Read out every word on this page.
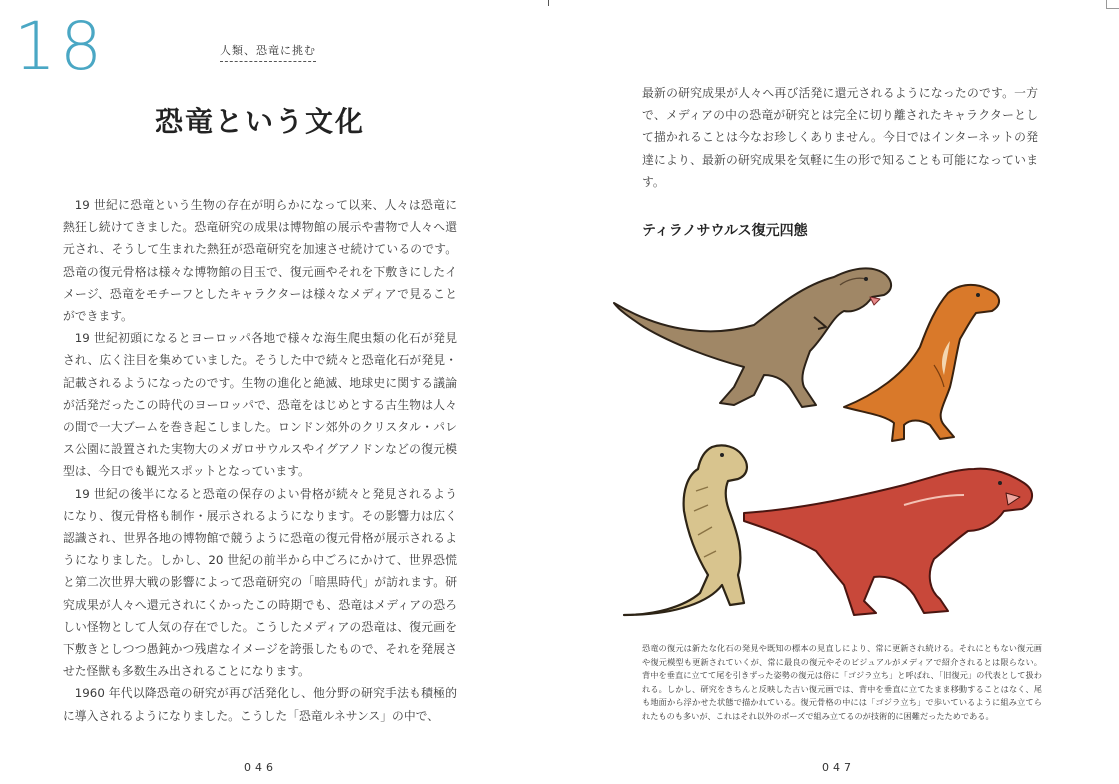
18	人類、恐竜に挑む
恐竜という文化

19 世紀に恐竜という生物の存在が明らかになって以来、人々は恐竜に熱狂し続けてきました。恐竜研究の成果は博物館の展示や書物で人々へ還元され、そうして生まれた熱狂が恐竜研究を加速させ続けているのです。恐竜の復元骨格は様々な博物館の目玉で、復元画やそれを下敷きにしたイメージ、恐竜をモチーフとしたキャラクターは様々なメディアで見ることができます。

19 世紀初頭になるとヨーロッパ各地で様々な海生爬虫類の化石が発見され、広く注目を集めていました。そうした中で続々と恐竜化石が発見・記載されるようになったのです。生物の進化と絶滅、地球史に関する議論が活発だったこの時代のヨーロッパで、恐竜をはじめとする古生物は人々の間で一大ブームを巻き起こしました。ロンドン郊外のクリスタル・パレス公園に設置された実物大のメガロサウルスやイグアノドンなどの復元模型は、今日でも観光スポットとなっています。

19 世紀の後半になると恐竜の保存のよい骨格が続々と発見されるようになり、復元骨格も制作・展示されるようになります。その影響力は広く認識され、世界各地の博物館で競うように恐竜の復元骨格が展示されるようになりました。しかし、20 世紀の前半から中ごろにかけて、世界恐慌と第二次世界大戦の影響によって恐竜研究の「暗黒時代」が訪れます。研究成果が人々へ還元されにくかったこの時期でも、恐竜はメディアの恐ろしい怪物として人気の存在でした。こうしたメディアの恐竜は、復元画を下敷きとしつつ愚鈍かつ残虐なイメージを誇張したもので、それを発展させた怪獣も多数生み出されることになります。

1960 年代以降恐竜の研究が再び活発化し、他分野の研究手法も積極的に導入されるようになりました。こうした「恐竜ルネサンス」の中で、

046

最新の研究成果が人々へ再び活発に還元されるようになったのです。一方で、メディアの中の恐竜が研究とは完全に切り離されたキャラクターとして描かれることは今なお珍しくありません。今日ではインターネットの発達により、最新の研究成果を気軽に生の形で知ることも可能になっています。

ティラノサウルス復元四態

恐竜の復元は新たな化石の発見や既知の標本の見直しにより、常に更新され続ける。それにともない復元画や復元模型も更新されていくが、常に最良の復元やそのビジュアルがメディアで紹介されるとは限らない。背中を垂直に立てて尾を引きずった姿勢の復元は俗に「ゴジラ立ち」と呼ばれ、「旧復元」の代表として扱われる。しかし、研究をきちんと反映した古い復元画では、背中を垂直に立てたまま移動することはなく、尾も地面から浮かせた状態で描かれている。復元骨格の中には「ゴジラ立ち」で歩いているように組み立てられたものも多いが、これはそれ以外のポーズで組み立てるのが技術的に困難だったためである。

047
